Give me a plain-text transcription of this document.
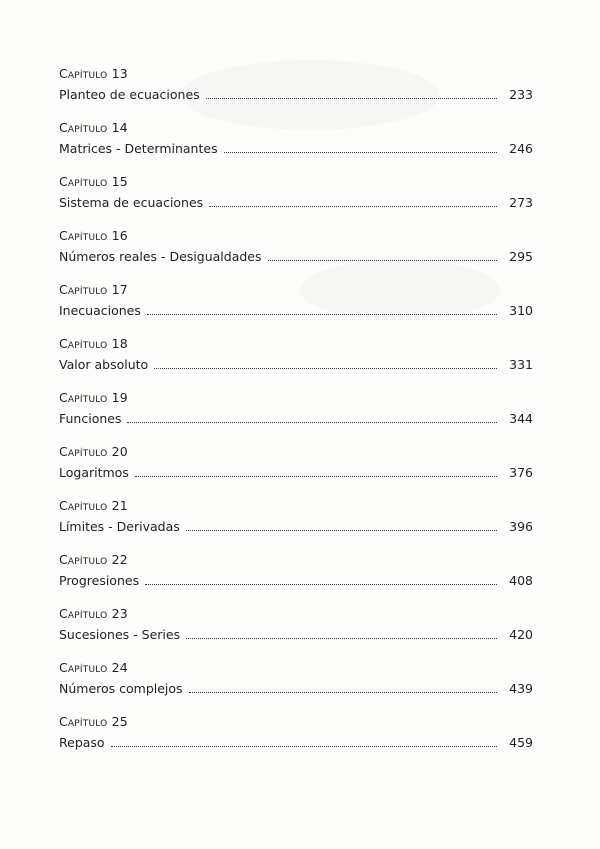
Capítulo 13
Planteo de ecuaciones	233
Capítulo 14
Matrices - Determinantes	246
Capítulo 15
Sistema de ecuaciones	273
Capítulo 16
Números reales - Desigualdades	295
Capítulo 17
Inecuaciones	310
Capítulo 18
Valor absoluto	331
Capítulo 19
Funciones	344
Capítulo 20
Logaritmos	376
Capítulo 21
Límites - Derivadas	396
Capítulo 22
Progresiones	408
Capítulo 23
Sucesiones - Series	420
Capítulo 24
Números complejos	439
Capítulo 25
Repaso	459
